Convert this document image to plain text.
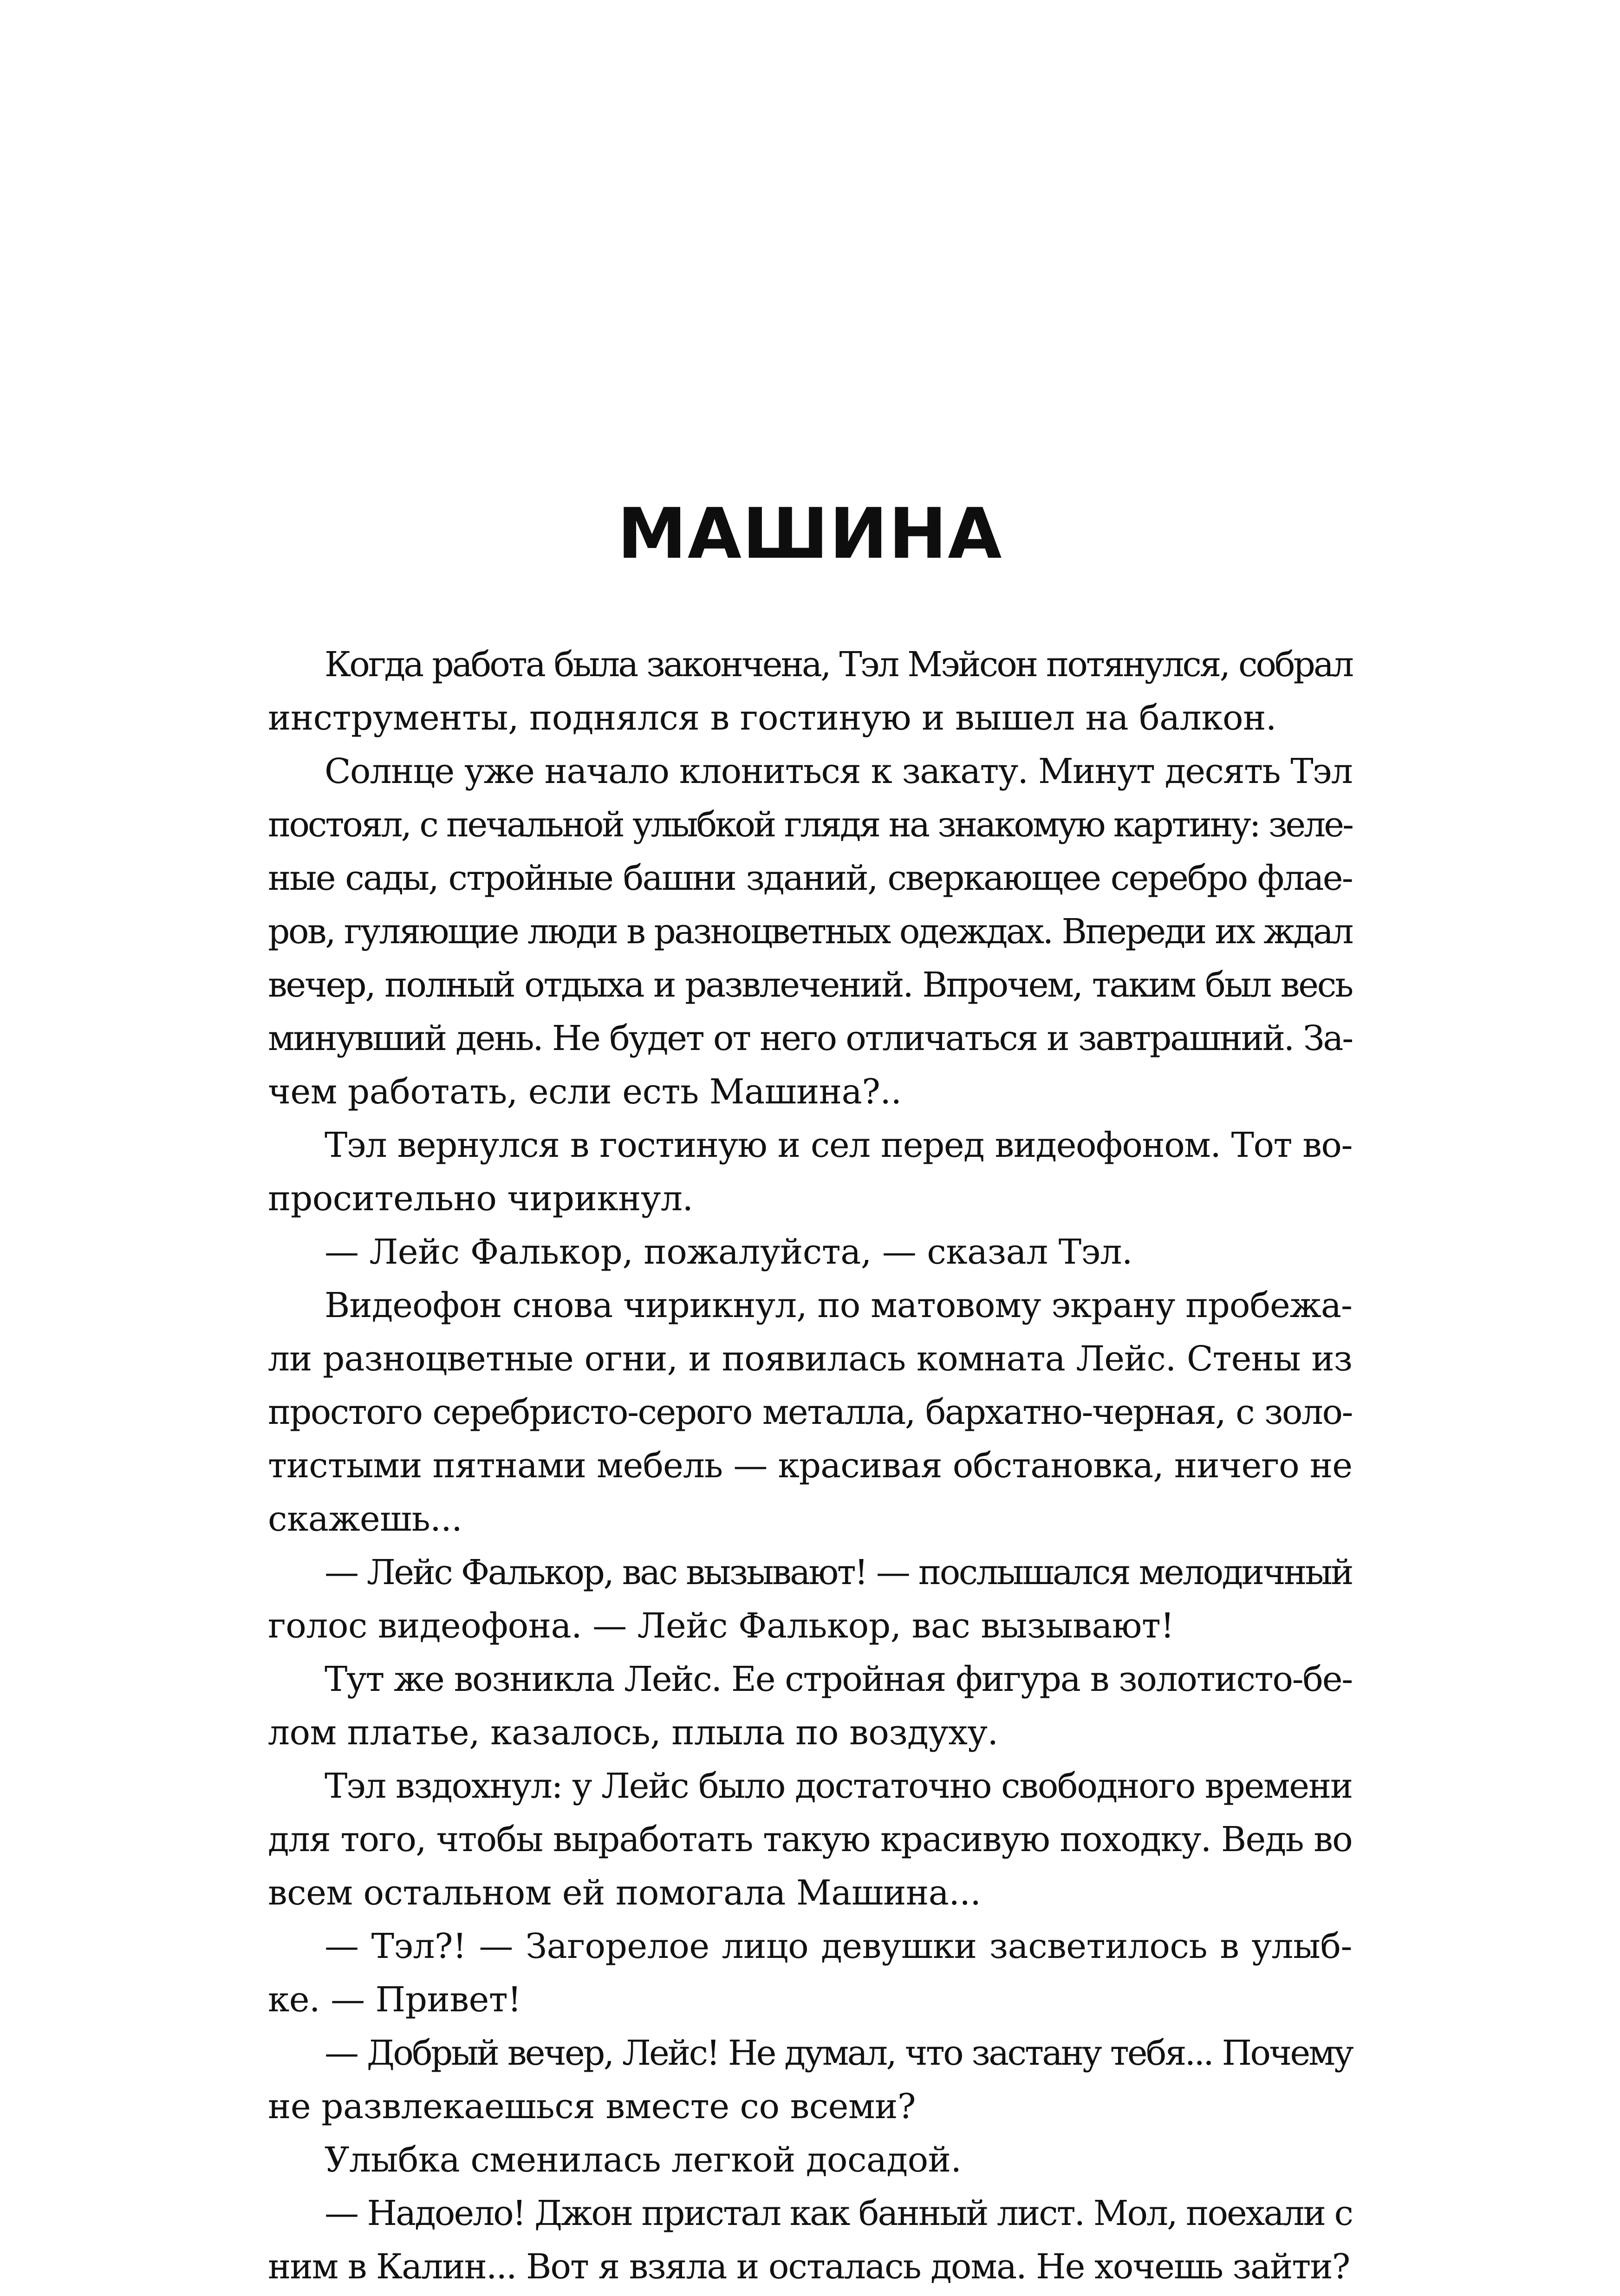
МАШИНА
Когда работа была закончена, Тэл Мэйсон потянулся, собрал
инструменты, поднялся в гостиную и вышел на балкон.
Солнце уже начало клониться к закату. Минут десять Тэл
постоял, с печальной улыбкой глядя на знакомую картину: зеле-
ные сады, стройные башни зданий, сверкающее серебро флае-
ров, гуляющие люди в разноцветных одеждах. Впереди их ждал
вечер, полный отдыха и развлечений. Впрочем, таким был весь
минувший день. Не будет от него отличаться и завтрашний. За-
чем работать, если есть Машина?..
Тэл вернулся в гостиную и сел перед видеофоном. Тот во-
просительно чирикнул.
— Лейс Фалькор, пожалуйста, — сказал Тэл.
Видеофон снова чирикнул, по матовому экрану пробежа-
ли разноцветные огни, и появилась комната Лейс. Стены из
простого серебристо-серого металла, бархатно-черная, с золо-
тистыми пятнами мебель — красивая обстановка, ничего не
скажешь...
— Лейс Фалькор, вас вызывают! — послышался мелодичный
голос видеофона. — Лейс Фалькор, вас вызывают!
Тут же возникла Лейс. Ее стройная фигура в золотисто-бе-
лом платье, казалось, плыла по воздуху.
Тэл вздохнул: у Лейс было достаточно свободного времени
для того, чтобы выработать такую красивую походку. Ведь во
всем остальном ей помогала Машина...
— Тэл?! — Загорелое лицо девушки засветилось в улыб-
ке. — Привет!
— Добрый вечер, Лейс! Не думал, что застану тебя... Почему
не развлекаешься вместе со всеми?
Улыбка сменилась легкой досадой.
— Надоело! Джон пристал как банный лист. Мол, поехали с
ним в Калин... Вот я взяла и осталась дома. Не хочешь зайти?
